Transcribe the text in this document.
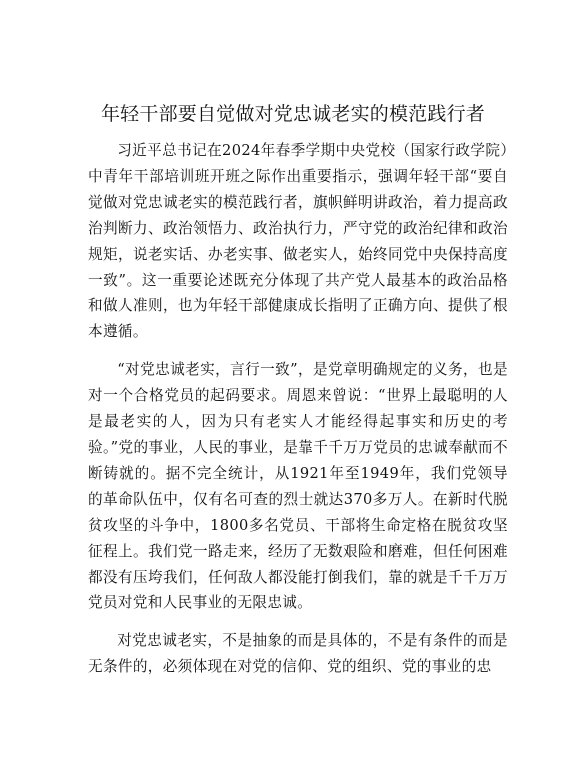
年轻干部要自觉做对党忠诚老实的模范践行者

习近平总书记在2024年春季学期中央党校（国家行政学院）中青年干部培训班开班之际作出重要指示，强调年轻干部“要自觉做对党忠诚老实的模范践行者，旗帜鲜明讲政治，着力提高政治判断力、政治领悟力、政治执行力，严守党的政治纪律和政治规矩，说老实话、办老实事、做老实人，始终同党中央保持高度一致”。这一重要论述既充分体现了共产党人最基本的政治品格和做人准则，也为年轻干部健康成长指明了正确方向、提供了根本遵循。

“对党忠诚老实，言行一致”，是党章明确规定的义务，也是对一个合格党员的起码要求。周恩来曾说：“世界上最聪明的人是最老实的人，因为只有老实人才能经得起事实和历史的考验。”党的事业，人民的事业，是靠千千万万党员的忠诚奉献而不断铸就的。据不完全统计，从1921年至1949年，我们党领导的革命队伍中，仅有名可查的烈士就达370多万人。在新时代脱贫攻坚的斗争中，1800多名党员、干部将生命定格在脱贫攻坚征程上。我们党一路走来，经历了无数艰险和磨难，但任何困难都没有压垮我们，任何敌人都没能打倒我们，靠的就是千千万万党员对党和人民事业的无限忠诚。

对党忠诚老实，不是抽象的而是具体的，不是有条件的而是无条件的，必须体现在对党的信仰、党的组织、党的事业的忠
